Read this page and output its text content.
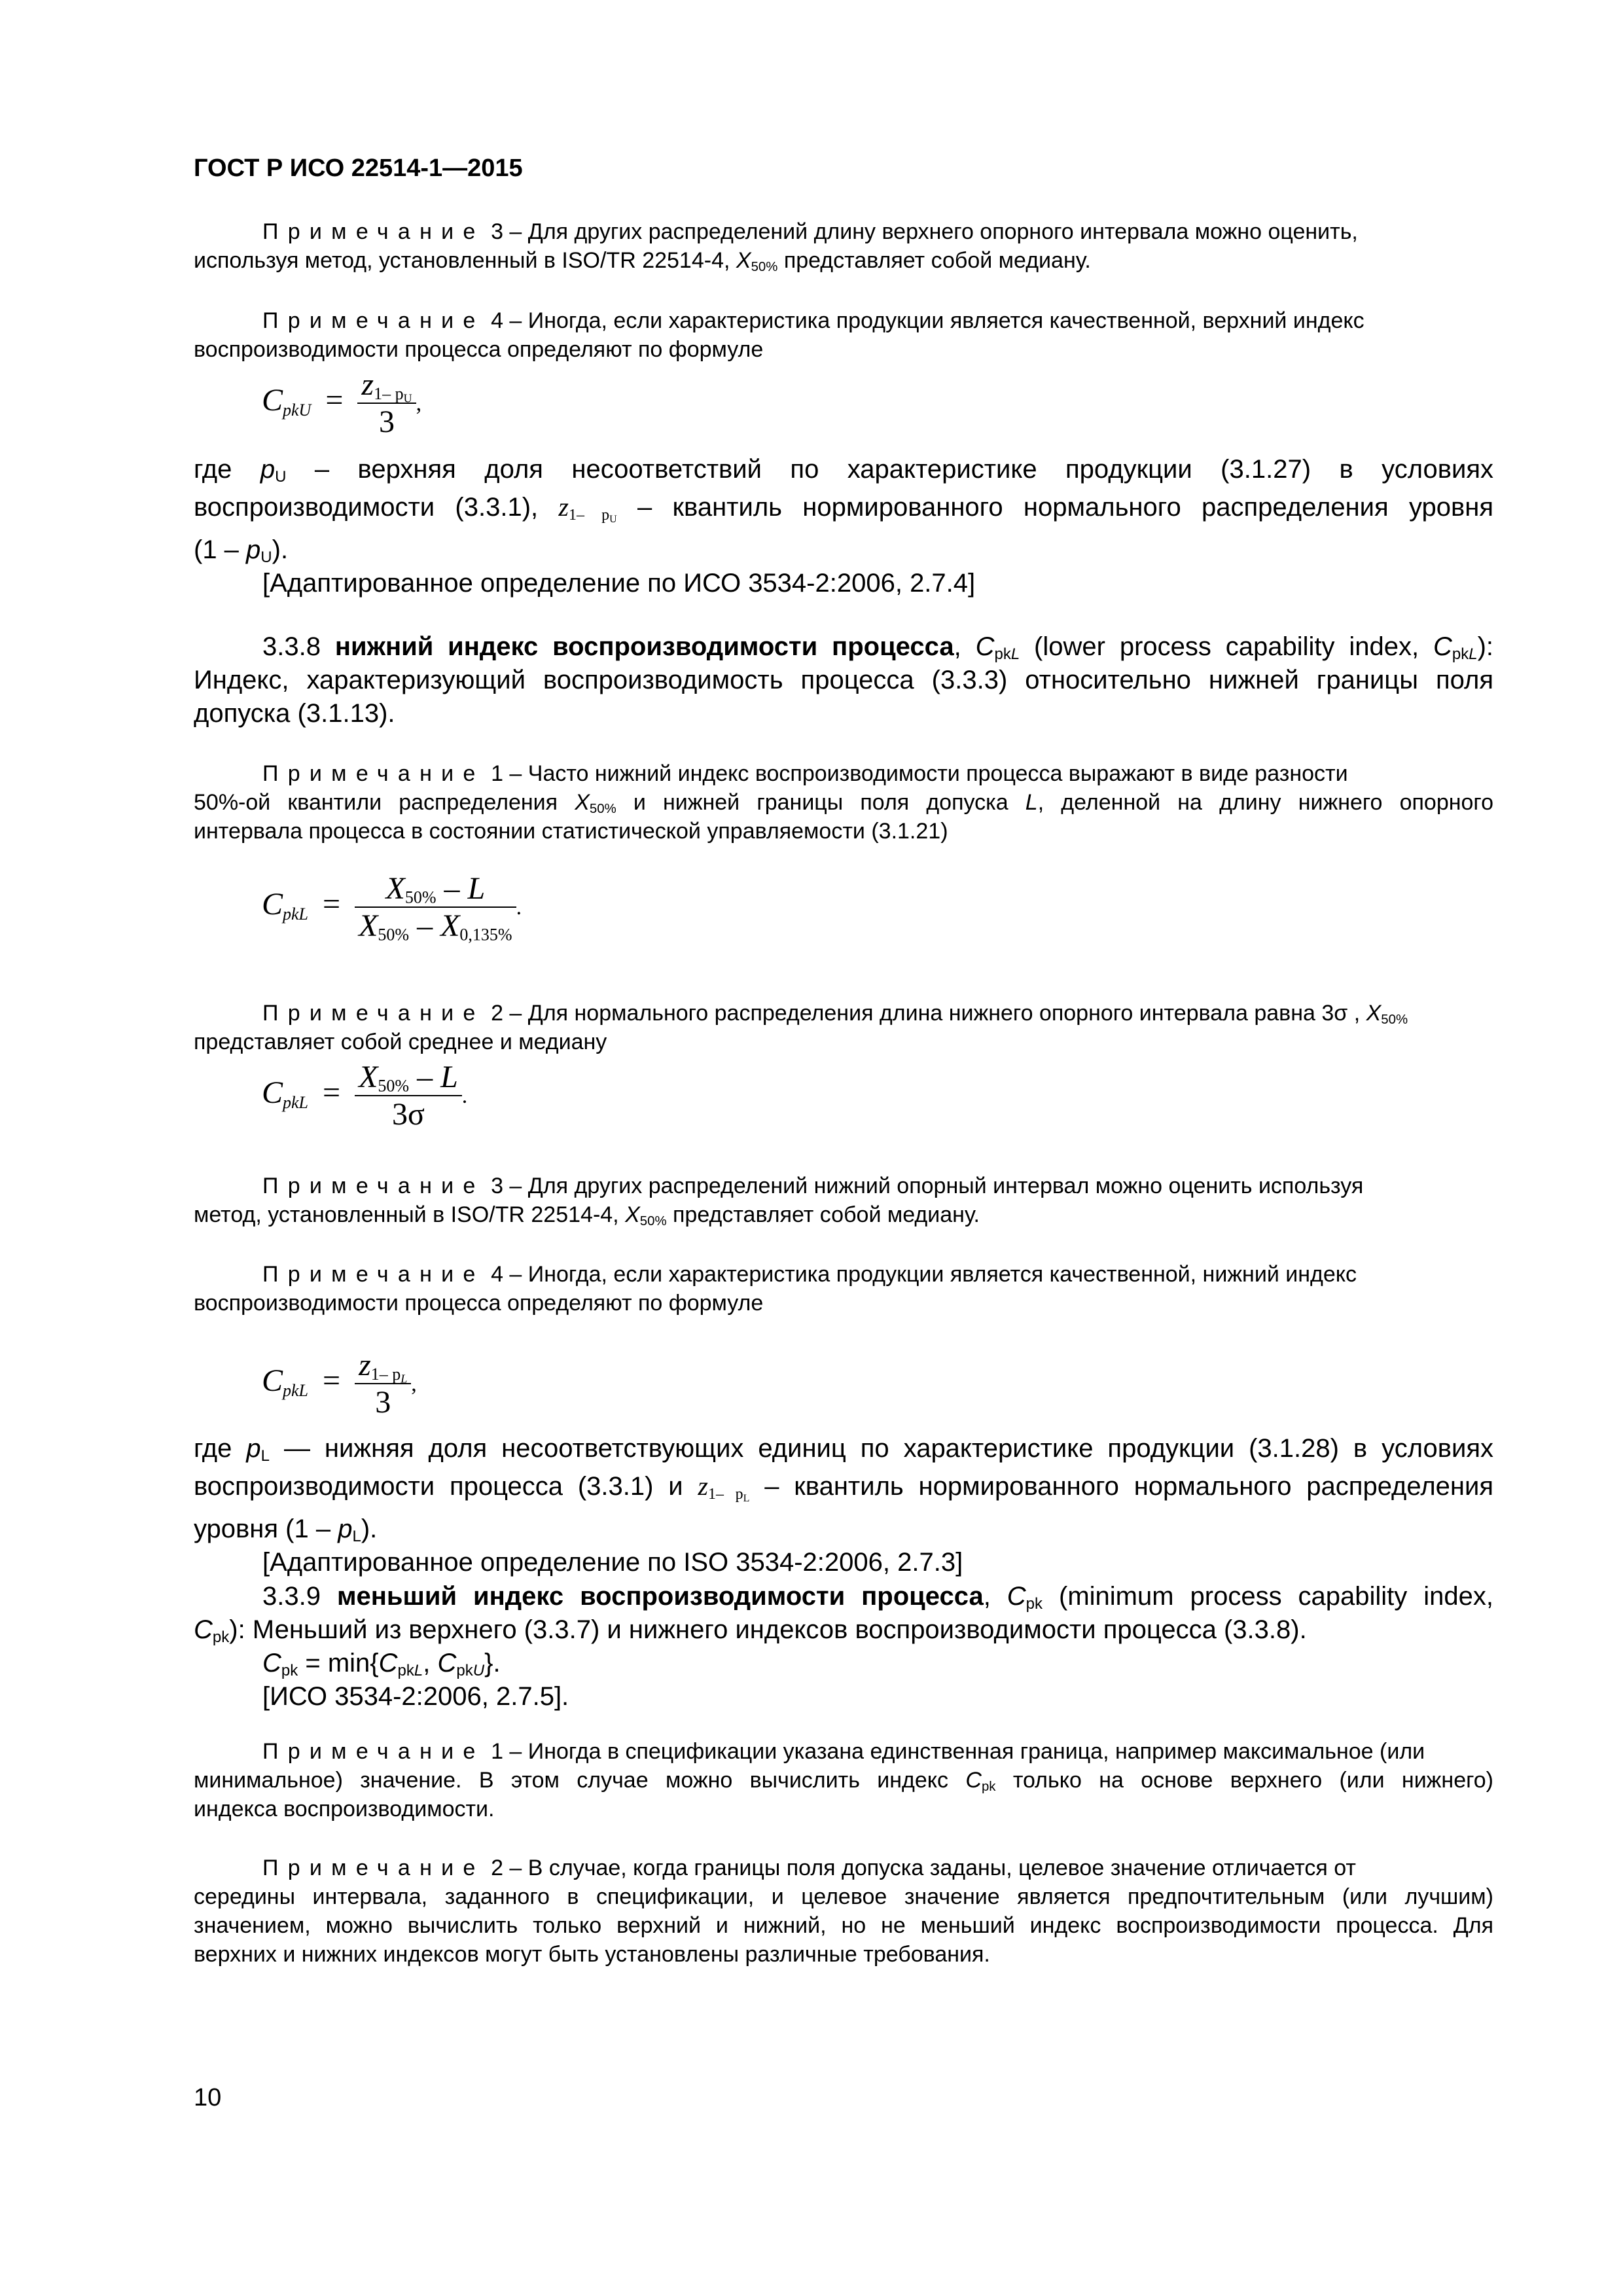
ГОСТ Р ИСО 22514-1—2015

Примечание 3 – Для других распределений длину верхнего опорного интервала можно оценить,

используя метод, установленный в ISO/TR 22514-4, $X_{50\%}$ представляет собой медиану.

Примечание 4 – Иногда, если характеристика продукции является качественной, верхний индекс

воспроизводимости процесса определяют по формуле
$C_{pkU} = \frac{z_{1- p_U}}{3}$ ,
где $p_U$ – верхняя доля несоответствий по характеристике продукции (3.1.27) в условиях
воспроизводимости (3.3.1), $z_{1- p_U}$ – квантиль нормированного нормального распределения уровня
$(1 - p_U)$.
[Адаптированное определение по ИСО 3534-2:2006, 2.7.4]
3.3.8 нижний индекс воспроизводимости процесса, $C_{pkL}$ (lower process capability index, $C_{pkL}$):
Индекс, характеризующий воспроизводимость процесса (3.3.3) относительно нижней границы поля
допуска (3.1.13).

Примечание 1 – Часто нижний индекс воспроизводимости процесса выражают в виде разности

50%-ой квантили распределения $X_{50\%}$ и нижней границы поля допуска L, деленной на длину нижнего опорного
интервала процесса в состоянии статистической управляемости (3.1.21)
$C_{pkL} = \frac{X_{50\%} - L}{X_{50\%} - X_{0,135\%}}$ .

Примечание 2 – Для нормального распределения длина нижнего опорного интервала равна 3σ , $X_{50\%}$

представляет собой среднее и медиану
$C_{pkL} = \frac{X_{50\%} - L}{3\sigma}$ .

Примечание 3 – Для других распределений нижний опорный интервал можно оценить используя

метод, установленный в ISO/TR 22514-4, $X_{50\%}$ представляет собой медиану.

Примечание 4 – Иногда, если характеристика продукции является качественной, нижний индекс

воспроизводимости процесса определяют по формуле
$C_{pkL} = \frac{z_{1- p_L}}{3}$ ,
где $p_L$ — нижняя доля несоответствующих единиц по характеристике продукции (3.1.28) в условиях
воспроизводимости процесса (3.3.1) и $z_{1- p_L}$ – квантиль нормированного нормального распределения
уровня $(1 - p_L)$.
[Адаптированное определение по ISO 3534-2:2006, 2.7.3]
3.3.9 меньший индекс воспроизводимости процесса, $C_{pk}$ (minimum process capability index,
$C_{pk}$): Меньший из верхнего (3.3.7) и нижнего индексов воспроизводимости процесса (3.3.8).
$C_{pk} = \min\{C_{pkL}$, $C_{pkU}$}.
[ИСО 3534-2:2006, 2.7.5].

Примечание 1 – Иногда в спецификации указана единственная граница, например максимальное (или

минимальное) значение. В этом случае можно вычислить индекс $C_{pk}$ только на основе верхнего (или нижнего)
индекса воспроизводимости.

Примечание 2 – В случае, когда границы поля допуска заданы, целевое значение отличается от

середины интервала, заданного в спецификации, и целевое значение является предпочтительным (или лучшим)
значением, можно вычислить только верхний и нижний, но не меньший индекс воспроизводимости процесса. Для
верхних и нижних индексов могут быть установлены различные требования.
10
